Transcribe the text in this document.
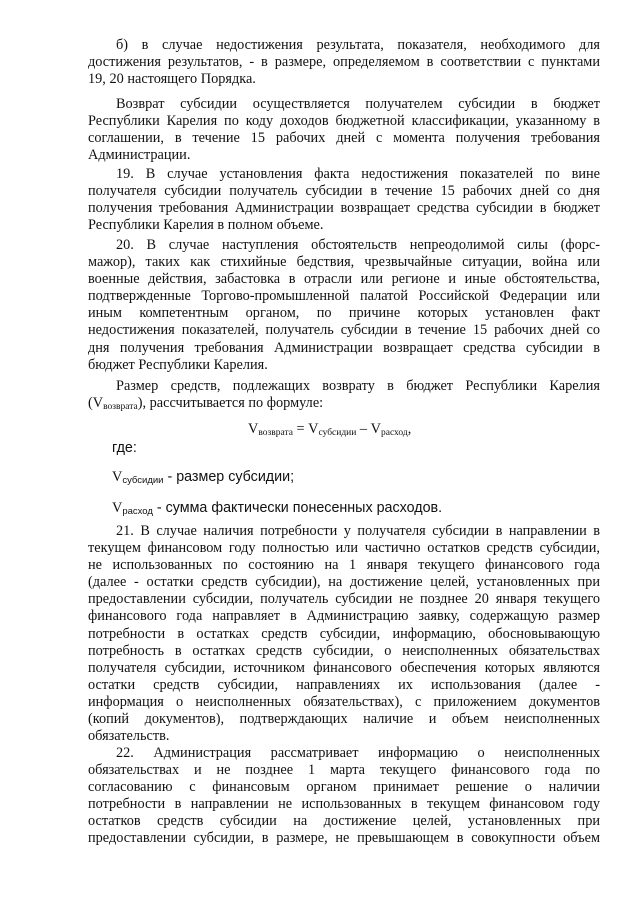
б) в случае недостижения результата, показателя, необходимого для
достижения результатов, - в размере, определяемом в соответствии с пунктами
19, 20 настоящего Порядка.
Возврат субсидии осуществляется получателем субсидии в бюджет
Республики Карелия по коду доходов бюджетной классификации, указанному в
соглашении, в течение 15 рабочих дней с момента получения требования
Администрации.
19. В случае установления факта недостижения показателей по вине
получателя субсидии получатель субсидии в течение 15 рабочих дней со дня
получения требования Администрации возвращает средства субсидии в бюджет
Республики Карелия в полном объеме.
20. В случае наступления обстоятельств непреодолимой силы (форс-
мажор), таких как стихийные бедствия, чрезвычайные ситуации, война или
военные действия, забастовка в отрасли или регионе и иные обстоятельства,
подтвержденные Торгово-промышленной палатой Российской Федерации или
иным компетентным органом, по причине которых установлен факт
недостижения показателей, получатель субсидии в течение 15 рабочих дней со
дня получения требования Администрации возвращает средства субсидии в
бюджет Республики Карелия.
Размер средств, подлежащих возврату в бюджет Республики Карелия
$(V_{возврата})$, рассчитывается по формуле:
$V_{возврата} = V_{субсидии} - V_{расход}$,
где:
$V_{субсидии}$ - размер субсидии;
$V_{расход}$ - сумма фактически понесенных расходов.
21. В случае наличия потребности у получателя субсидии в направлении в
текущем финансовом году полностью или частично остатков средств субсидии,
не использованных по состоянию на 1 января текущего финансового года
(далее - остатки средств субсидии), на достижение целей, установленных при
предоставлении субсидии, получатель субсидии не позднее 20 января текущего
финансового года направляет в Администрацию заявку, содержащую размер
потребности в остатках средств субсидии, информацию, обосновывающую
потребность в остатках средств субсидии, о неисполненных обязательствах
получателя субсидии, источником финансового обеспечения которых являются
остатки средств субсидии, направлениях их использования (далее -
информация о неисполненных обязательствах), с приложением документов
(копий документов), подтверждающих наличие и объем неисполненных
обязательств.
22. Администрация рассматривает информацию о неисполненных
обязательствах и не позднее 1 марта текущего финансового года по
согласованию с финансовым органом принимает решение о наличии
потребности в направлении не использованных в текущем финансовом году
остатков средств субсидии на достижение целей, установленных при
предоставлении субсидии, в размере, не превышающем в совокупности объем
